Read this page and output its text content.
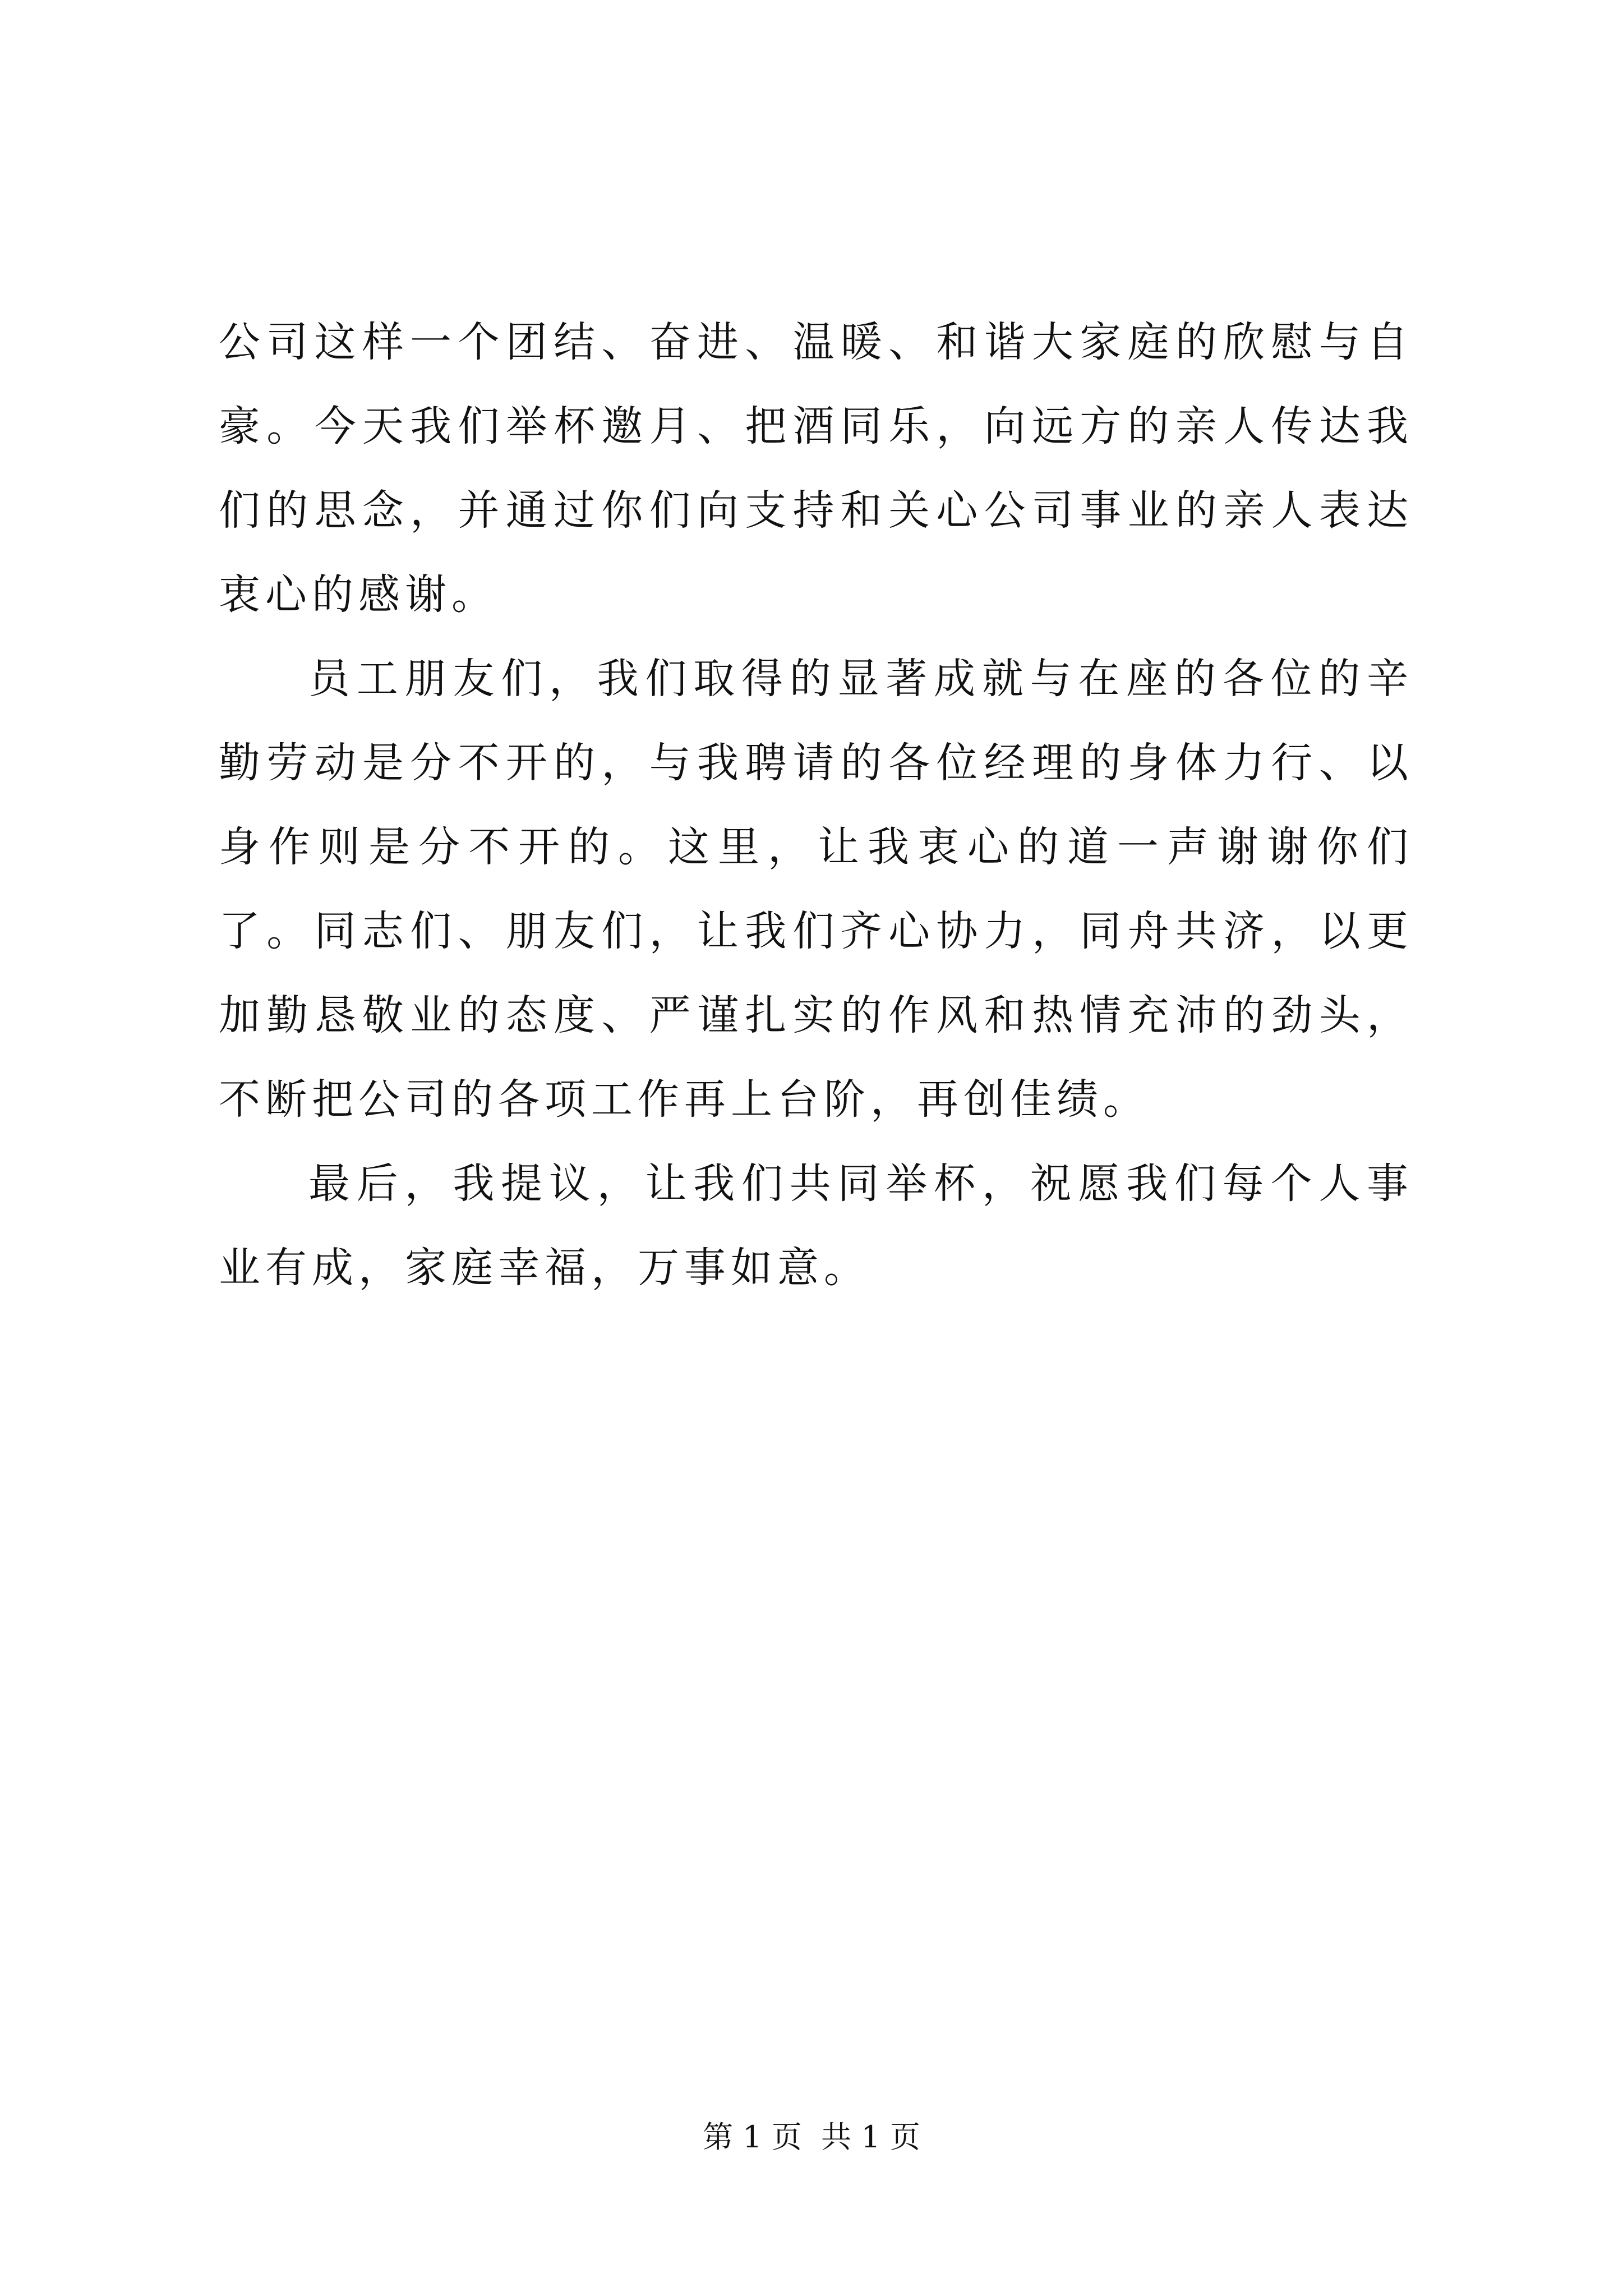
公司这样一个团结、奋进、温暖、和谐大家庭的欣慰与自豪。今天我们举杯邀月、把酒同乐，向远方的亲人传达我们的思念，并通过你们向支持和关心公司事业的亲人表达衷心的感谢。

员工朋友们，我们取得的显著成就与在座的各位的辛勤劳动是分不开的，与我聘请的各位经理的身体力行、以身作则是分不开的。这里，让我衷心的道一声谢谢你们了。同志们、朋友们，让我们齐心协力，同舟共济，以更加勤恳敬业的态度、严谨扎实的作风和热情充沛的劲头，不断把公司的各项工作再上台阶，再创佳绩。

最后，我提议，让我们共同举杯，祝愿我们每个人事业有成，家庭幸福，万事如意。

第 1 页  共 1 页
